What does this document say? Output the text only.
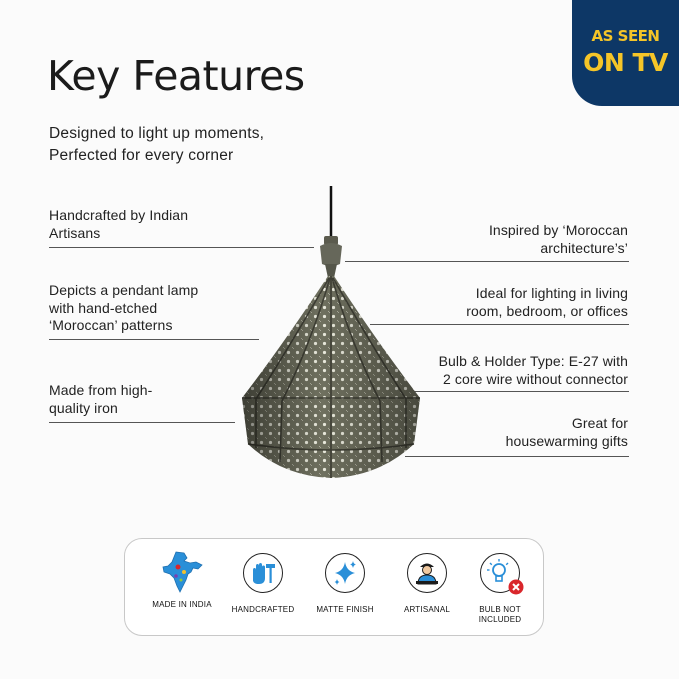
AS SEEN
ON TV
Key Features
Designed to light up moments,
Perfected for every corner
Handcrafted by Indian
Artisans
Depicts a pendant lamp
with hand-etched
‘Moroccan’ patterns
Made from high-
quality iron
Inspired by ‘Moroccan
architecture’s’
Ideal for lighting in living
room, bedroom, or offices
Bulb & Holder Type: E-27 with
2 core wire without connector
Great for
housewarming gifts
MADE IN INDIA
HANDCRAFTED	MATTE FINISH	ARTISANAL	BULB NOT
INCLUDED
